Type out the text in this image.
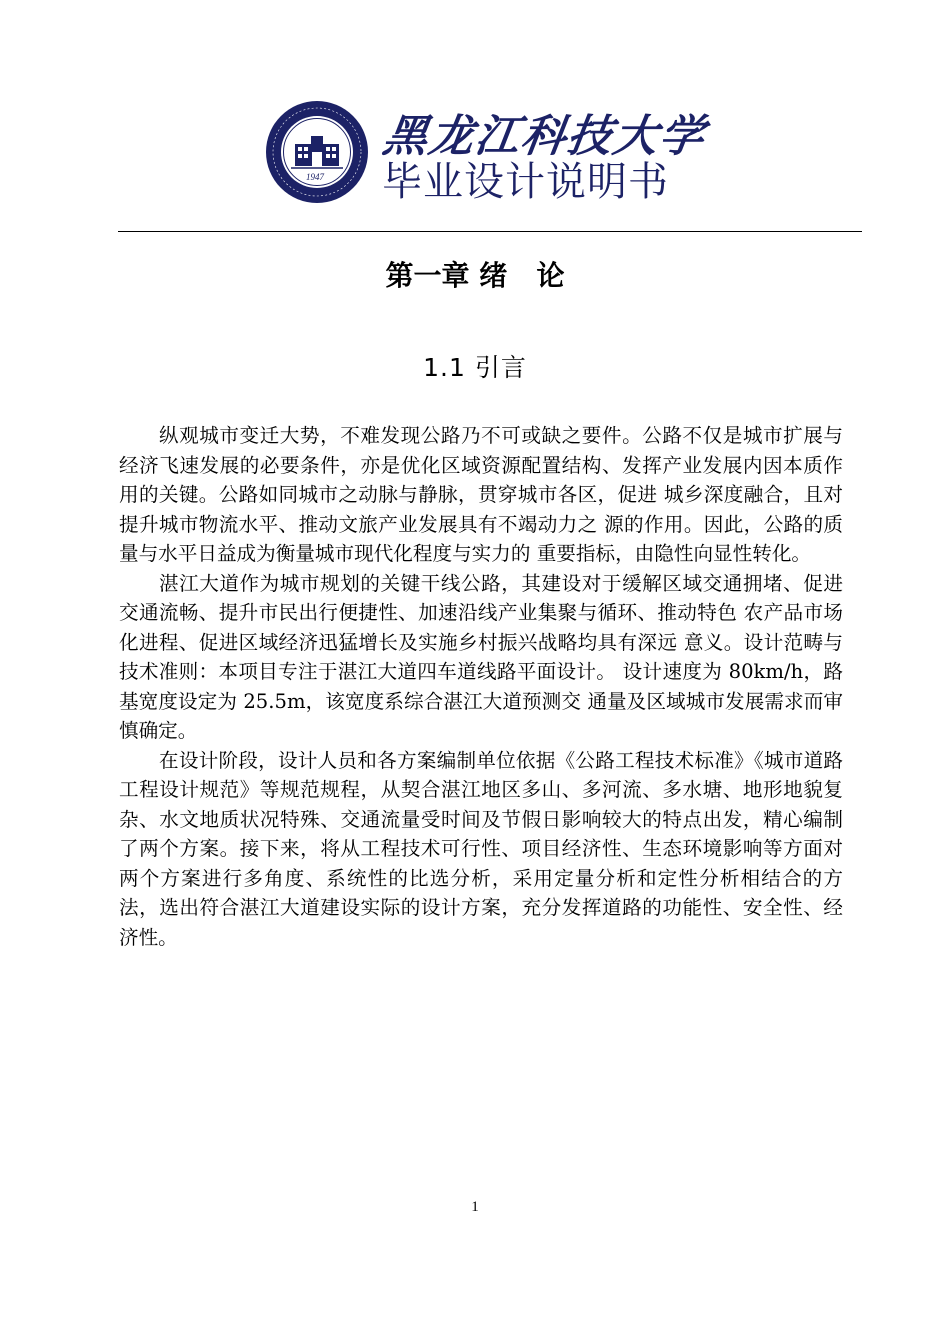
1947
黑龙江科技大学
毕业设计说明书
第一章 绪   论
1.1 引言

纵观城市变迁大势，不难发现公路乃不可或缺之要件。公路不仅是城市扩展与经济飞速发展的必要条件，亦是优化区域资源配置结构、发挥产业发展内因本质作用的关键。公路如同城市之动脉与静脉，贯穿城市各区，促进 城乡深度融合，且对提升城市物流水平、推动文旅产业发展具有不竭动力之 源的作用。因此，公路的质量与水平日益成为衡量城市现代化程度与实力的 重要指标，由隐性向显性转化。

湛江大道作为城市规划的关键干线公路，其建设对于缓解区域交通拥堵、促进交通流畅、提升市民出行便捷性、加速沿线产业集聚与循环、推动特色 农产品市场化进程、促进区域经济迅猛增长及实施乡村振兴战略均具有深远 意义。设计范畴与技术准则：本项目专注于湛江大道四车道线路平面设计。 设计速度为 80km/h，路基宽度设定为 25.5m，该宽度系综合湛江大道预测交 通量及区域城市发展需求而审慎确定。

在设计阶段，设计人员和各方案编制单位依据《公路工程技术标准》《城市道路工程设计规范》等规范规程，从契合湛江地区多山、多河流、多水塘、地形地貌复杂、水文地质状况特殊、交通流量受时间及节假日影响较大的特点出发，精心编制了两个方案。接下来，将从工程技术可行性、项目经济性、生态环境影响等方面对两个方案进行多角度、系统性的比选分析，采用定量分析和定性分析相结合的方法，选出符合湛江大道建设实际的设计方案，充分发挥道路的功能性、安全性、经济性。

1
